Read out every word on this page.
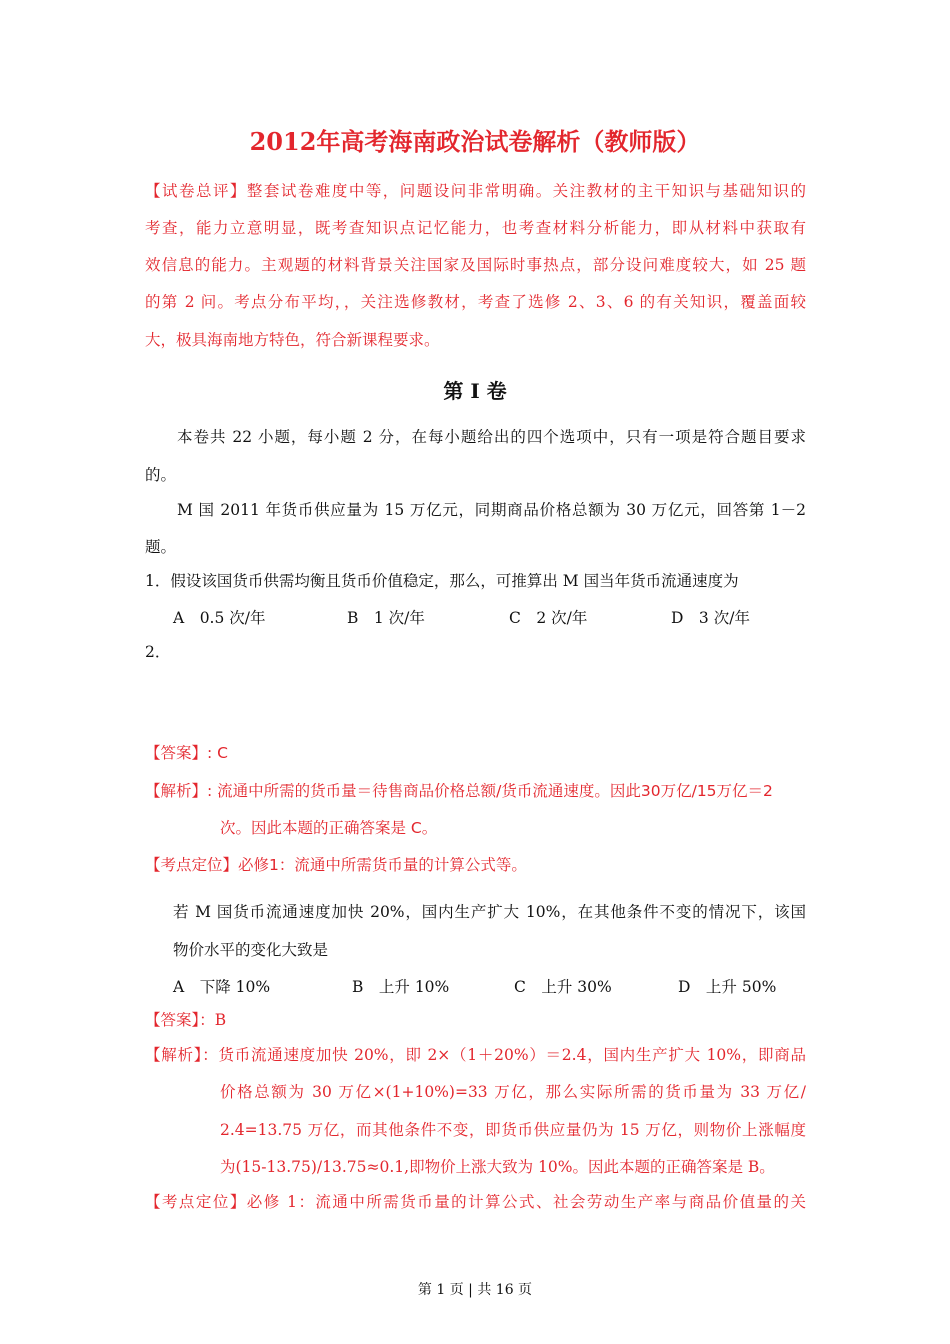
2012年高考海南政治试卷解析（教师版）
【试卷总评】整套试卷难度中等，问题设问非常明确。关注教材的主干知识与基础知识的
考查，能力立意明显，既考查知识点记忆能力，也考查材料分析能力，即从材料中获取有
效信息的能力。主观题的材料背景关注国家及国际时事热点，部分设问难度较大，如 25 题
的第 2 问。考点分布平均，，关注选修教材，考查了选修 2、3、6 的有关知识，覆盖面较
大，极具海南地方特色，符合新课程要求。
第 I 卷
本卷共 22 小题，每小题 2 分，在每小题给出的四个选项中，只有一项是符合题目要求
的。
M 国 2011 年货币供应量为 15 万亿元，同期商品价格总额为 30 万亿元，回答第 1－2
题。
1．假设该国货币供需均衡且货币价值稳定，那么，可推算出 M 国当年货币流通速度为
A　0.5 次/年	B　1 次/年	C　2 次/年	D　3 次/年
2．
【答案】: C
【解析】: 流通中所需的货币量＝待售商品价格总额/货币流通速度。因此30万亿/15万亿＝2
次。因此本题的正确答案是 C。
【考点定位】必修1：流通中所需货币量的计算公式等。
若 M 国货币流通速度加快 20%，国内生产扩大 10%，在其他条件不变的情况下，该国
物价水平的变化大致是
A　下降 10%	B　上升 10%	C　上升 30%	D　上升 50%
【答案】：B
【解析】：货币流通速度加快 20%，即 2×（1＋20%）＝2.4，国内生产扩大 10%，即商品
价格总额为 30 万亿×(1+10%)=33 万亿，那么实际所需的货币量为 33 万亿/
2.4=13.75 万亿，而其他条件不变，即货币供应量仍为 15 万亿，则物价上涨幅度
为(15-13.75)/13.75≈0.1,即物价上涨大致为 10%。因此本题的正确答案是 B。
【考点定位】必修 1：流通中所需货币量的计算公式、社会劳动生产率与商品价值量的关
第 1 页 | 共 16 页
